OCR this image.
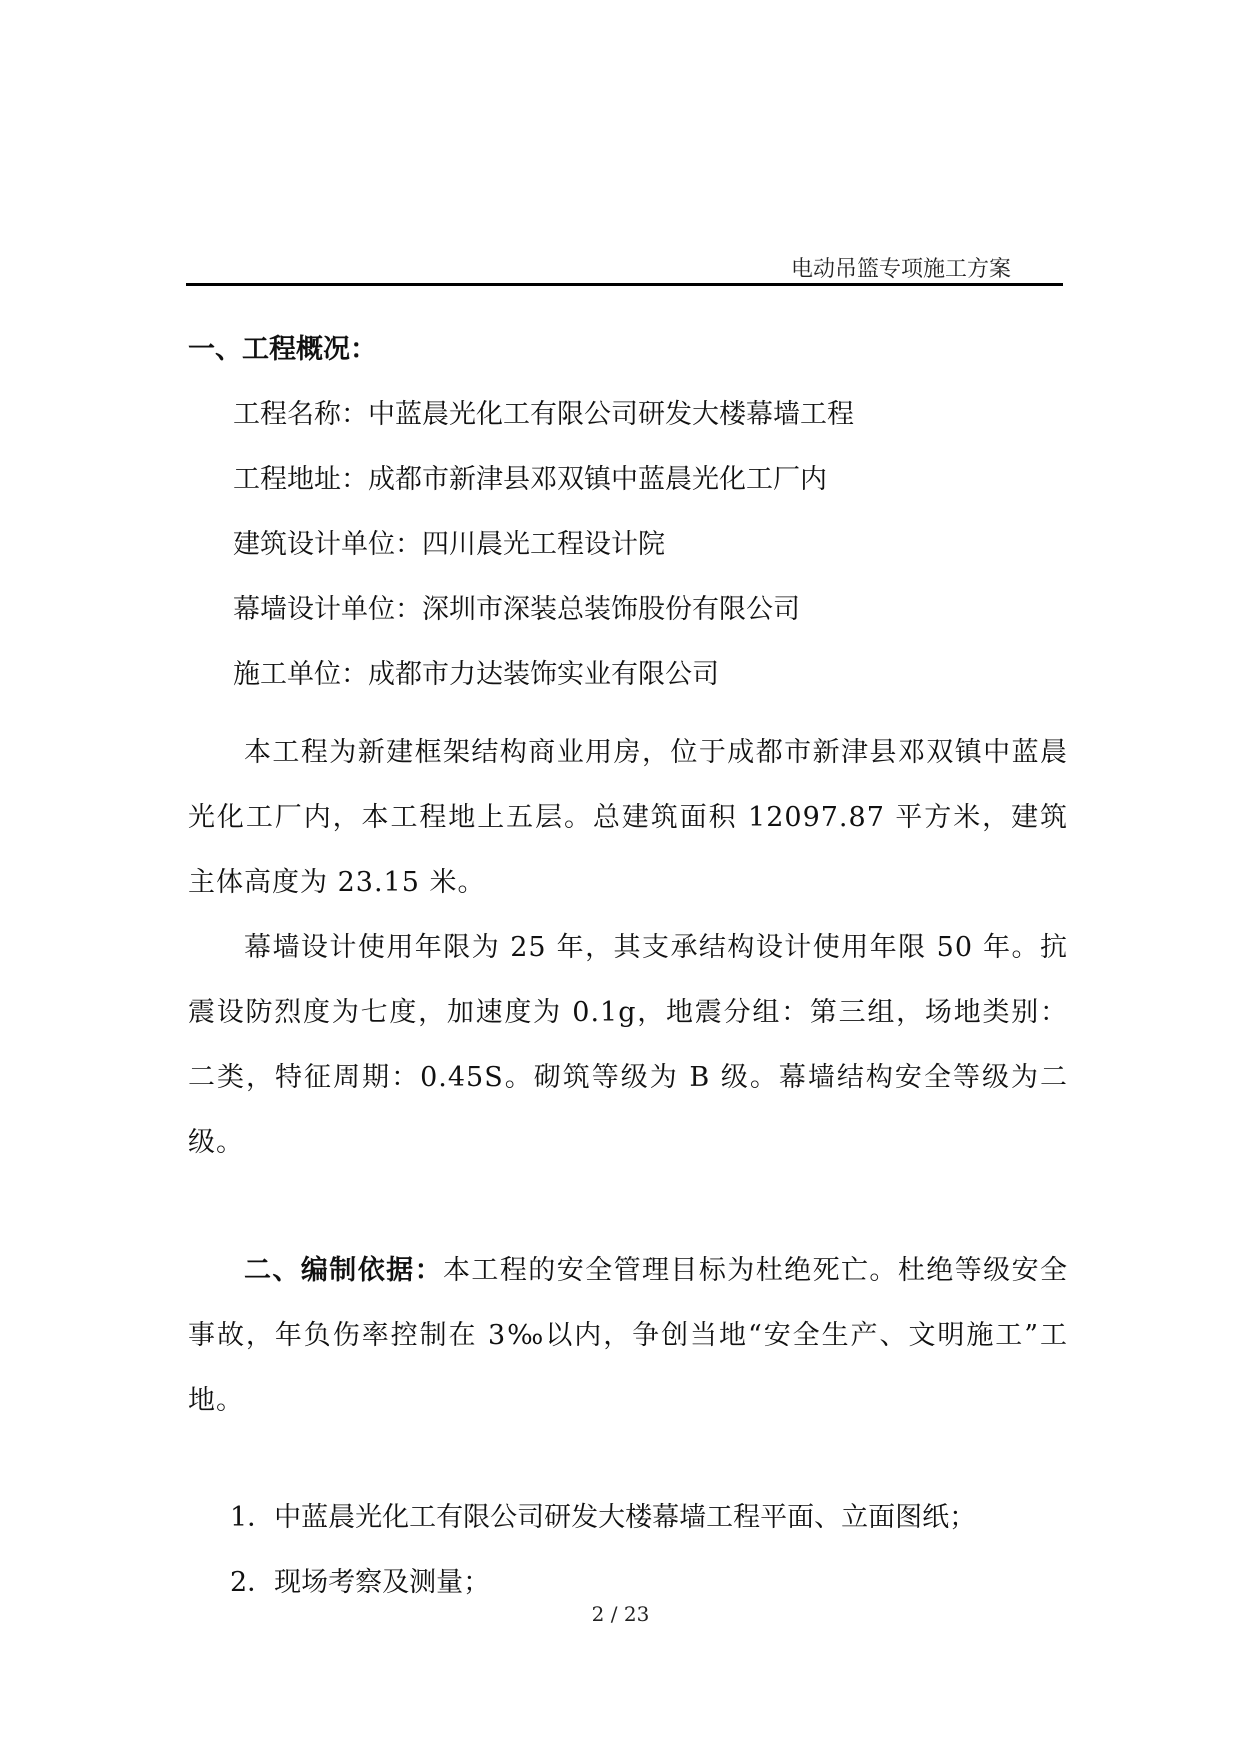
电动吊篮专项施工方案
一、工程概况：
工程名称：中蓝晨光化工有限公司研发大楼幕墙工程
工程地址：成都市新津县邓双镇中蓝晨光化工厂内
建筑设计单位：四川晨光工程设计院
幕墙设计单位：深圳市深装总装饰股份有限公司
施工单位：成都市力达装饰实业有限公司

本工程为新建框架结构商业用房，位于成都市新津县邓双镇中蓝晨光化工厂内，本工程地上五层。总建筑面积 12097.87 平方米，建筑主体高度为 23.15 米。

幕墙设计使用年限为 25 年，其支承结构设计使用年限 50 年。抗震设防烈度为七度，加速度为 0.1g，地震分组：第三组，场地类别：二类，特征周期：0.45S。砌筑等级为 B 级。幕墙结构安全等级为二级。

二、编制依据：本工程的安全管理目标为杜绝死亡。杜绝等级安全事故，年负伤率控制在 3‰以内，争创当地“安全生产、文明施工”工地。

1．中蓝晨光化工有限公司研发大楼幕墙工程平面、立面图纸；
2．现场考察及测量；
2 / 23
